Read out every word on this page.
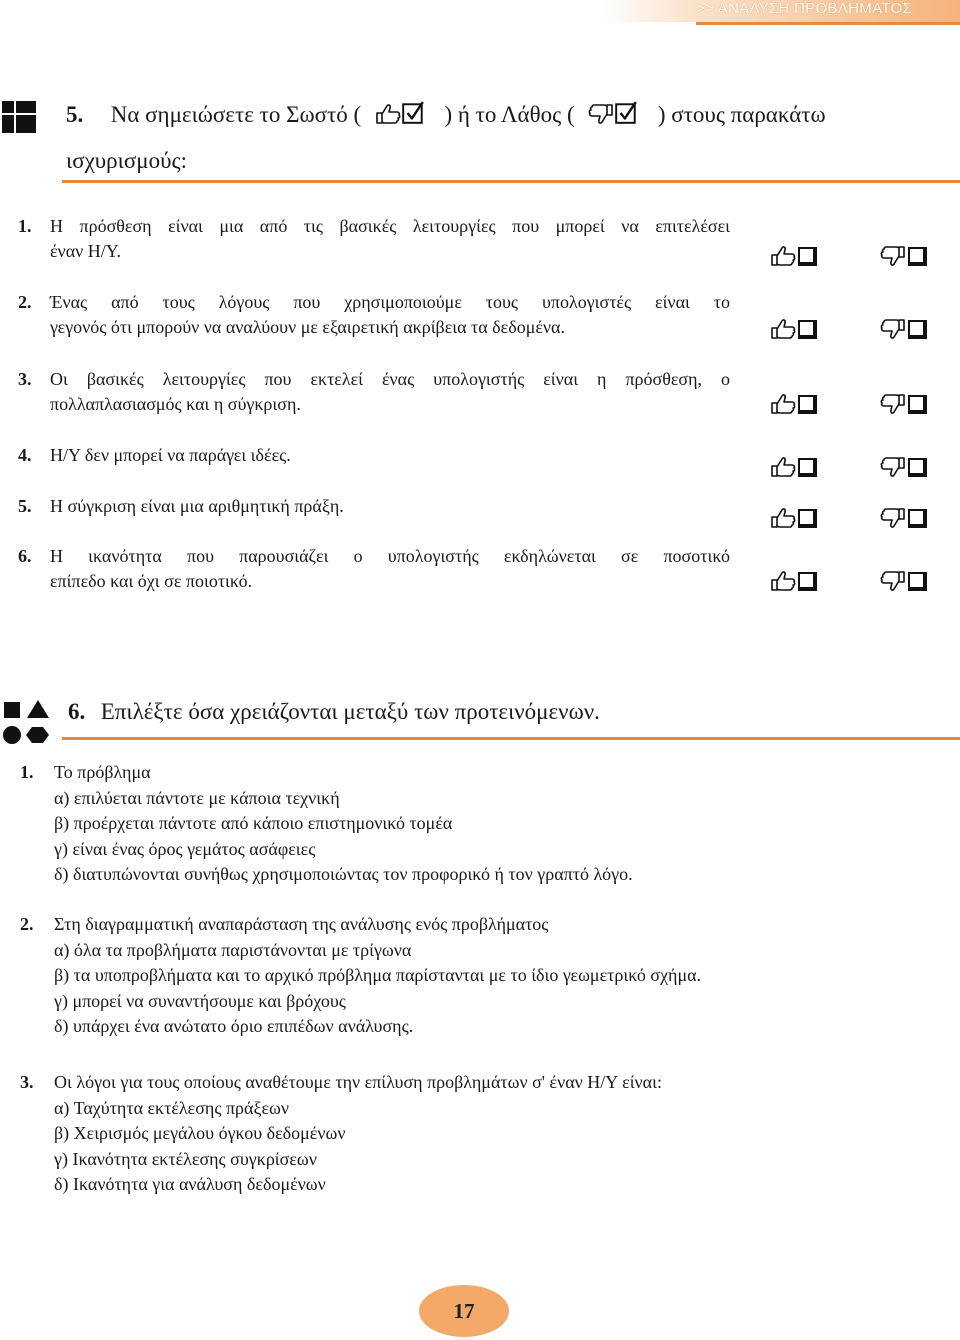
>> ΑΝΑΛΥΣΗ ΠΡΟΒΛΗΜΑΤΟΣ
5. Να σημειώσετε το Σωστό (	) ή το Λάθος (	) στους παρακάτω
ισχυρισμούς:
1.	Η πρόσθεση είναι μια από τις βασικές λειτουργίες που μπορεί να επιτελέσει
έναν Η/Υ.
2.	Ένας από τους λόγους που χρησιμοποιούμε τους υπολογιστές είναι το
γεγονός ότι μπορούν να αναλύουν με εξαιρετική ακρίβεια τα δεδομένα.
3.	Οι βασικές λειτουργίες που εκτελεί ένας υπολογιστής είναι η πρόσθεση, ο
πολλαπλασιασμός και η σύγκριση.
4.	Η/Υ δεν μπορεί να παράγει ιδέες.
5.	Η σύγκριση είναι μια αριθμητική πράξη.
6.	Η ικανότητα που παρουσιάζει ο υπολογιστής εκδηλώνεται σε ποσοτικό
επίπεδο και όχι σε ποιοτικό.
6. Επιλέξτε όσα χρειάζονται μεταξύ των προτεινόμενων.
1. Το πρόβλημα
α) επιλύεται πάντοτε με κάποια τεχνική
β) προέρχεται πάντοτε από κάποιο επιστημονικό τομέα
γ) είναι ένας όρος γεμάτος ασάφειες
δ) διατυπώνονται συνήθως χρησιμοποιώντας τον προφορικό ή τον γραπτό λόγο.
2. Στη διαγραμματική αναπαράσταση της ανάλυσης ενός προβλήματος
α) όλα τα προβλήματα παριστάνονται με τρίγωνα
β) τα υποπροβλήματα και το αρχικό πρόβλημα παρίστανται με το ίδιο γεωμετρικό σχήμα.
γ) μπορεί να συναντήσουμε και βρόχους
δ) υπάρχει ένα ανώτατο όριο επιπέδων ανάλυσης.
3. Οι λόγοι για τους οποίους αναθέτουμε την επίλυση προβλημάτων σ' έναν Η/Υ είναι:
α) Ταχύτητα εκτέλεσης πράξεων
β) Χειρισμός μεγάλου όγκου δεδομένων
γ) Ικανότητα εκτέλεσης συγκρίσεων
δ) Ικανότητα για ανάλυση δεδομένων
17
